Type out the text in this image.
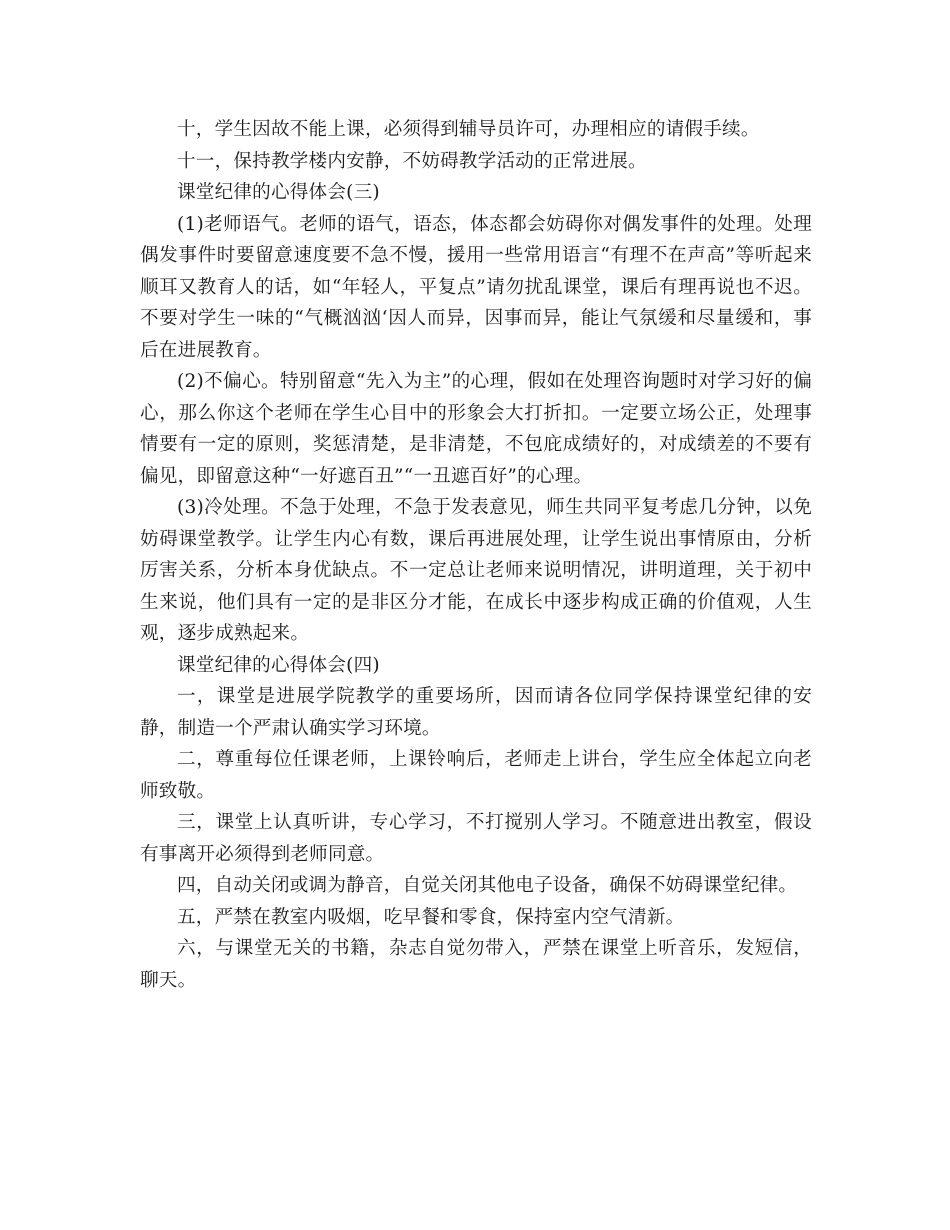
十，学生因故不能上课，必须得到辅导员许可，办理相应的请假手续。

十一，保持教学楼内安静，不妨碍教学活动的正常进展。

课堂纪律的心得体会(三)

(1)老师语气。老师的语气，语态，体态都会妨碍你对偶发事件的处理。处理偶发事件时要留意速度要不急不慢，援用一些常用语言“有理不在声高”等听起来顺耳又教育人的话，如“年轻人，平复点”请勿扰乱课堂，课后有理再说也不迟。不要对学生一味的“气概汹汹‘因人而异，因事而异，能让气氛缓和尽量缓和，事后在进展教育。

(2)不偏心。特别留意“先入为主”的心理，假如在处理咨询题时对学习好的偏心，那么你这个老师在学生心目中的形象会大打折扣。一定要立场公正，处理事情要有一定的原则，奖惩清楚，是非清楚，不包庇成绩好的，对成绩差的不要有偏见，即留意这种“一好遮百丑”“一丑遮百好”的心理。

(3)冷处理。不急于处理，不急于发表意见，师生共同平复考虑几分钟，以免妨碍课堂教学。让学生内心有数，课后再进展处理，让学生说出事情原由，分析厉害关系，分析本身优缺点。不一定总让老师来说明情况，讲明道理，关于初中生来说，他们具有一定的是非区分才能，在成长中逐步构成正确的价值观，人生观，逐步成熟起来。

课堂纪律的心得体会(四)

一，课堂是进展学院教学的重要场所，因而请各位同学保持课堂纪律的安静，制造一个严肃认确实学习环境。

二，尊重每位任课老师，上课铃响后，老师走上讲台，学生应全体起立向老师致敬。

三，课堂上认真听讲，专心学习，不打搅别人学习。不随意进出教室，假设有事离开必须得到老师同意。

四，自动关闭或调为静音，自觉关闭其他电子设备，确保不妨碍课堂纪律。

五，严禁在教室内吸烟，吃早餐和零食，保持室内空气清新。

六，与课堂无关的书籍，杂志自觉勿带入，严禁在课堂上听音乐，发短信，聊天。
